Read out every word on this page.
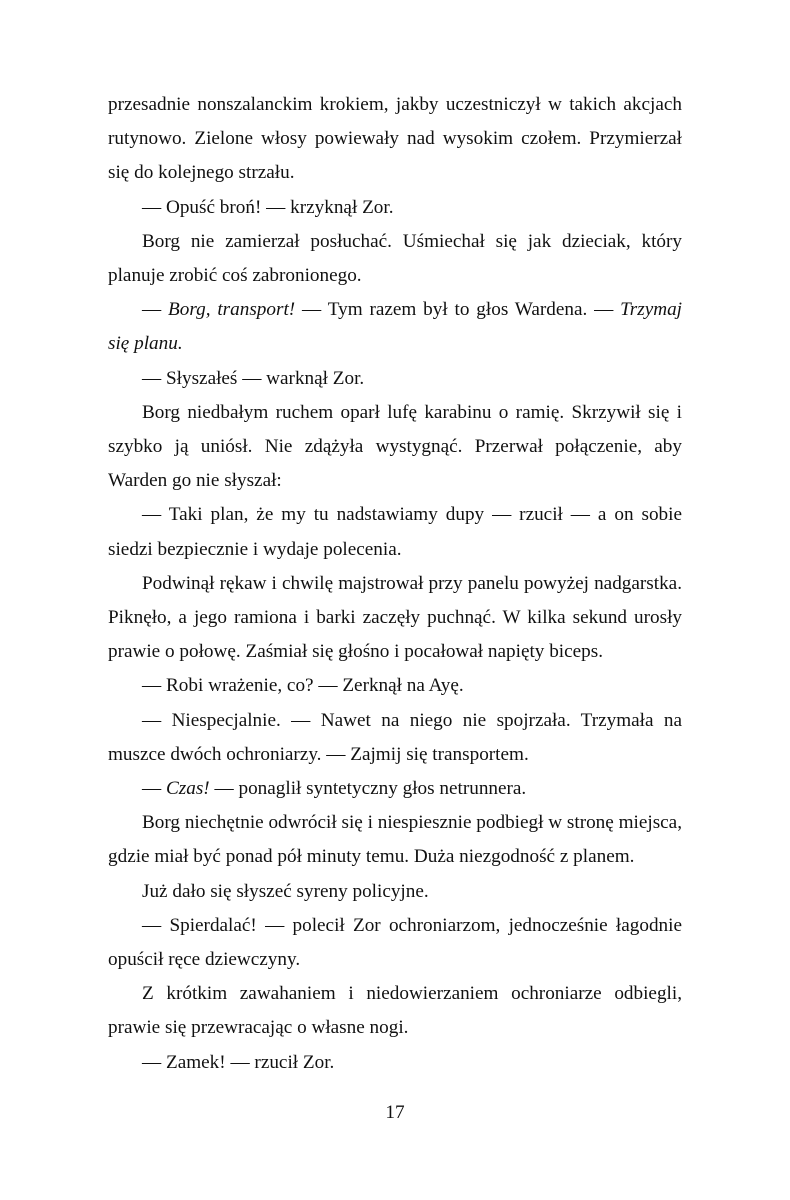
przesadnie nonszalanckim krokiem, jakby uczestniczył w takich akcjach rutynowo. Zielone włosy powiewały nad wysokim czołem. Przymierzał się do kolejnego strzału.

— Opuść broń! — krzyknął Zor.

Borg nie zamierzał posłuchać. Uśmiechał się jak dzieciak, który planuje zrobić coś zabronionego.

— Borg, transport! — Tym razem był to głos Wardena. — Trzymaj się planu.

— Słyszałeś — warknął Zor.

Borg niedbałym ruchem oparł lufę karabinu o ramię. Skrzywił się i szybko ją uniósł. Nie zdążyła wystygnąć. Przerwał połączenie, aby Warden go nie słyszał:

— Taki plan, że my tu nadstawiamy dupy — rzucił — a on sobie siedzi bezpiecznie i wydaje polecenia.

Podwinął rękaw i chwilę majstrował przy panelu powyżej nadgarstka. Piknęło, a jego ramiona i barki zaczęły puchnąć. W kilka sekund urosły prawie o połowę. Zaśmiał się głośno i pocałował napięty biceps.

— Robi wrażenie, co? — Zerknął na Ayę.

— Niespecjalnie. — Nawet na niego nie spojrzała. Trzymała na muszce dwóch ochroniarzy. — Zajmij się transportem.

— Czas! — ponaglił syntetyczny głos netrunnera.

Borg niechętnie odwrócił się i niespiesznie podbiegł w stronę miejsca, gdzie miał być ponad pół minuty temu. Duża niezgodność z planem.

Już dało się słyszeć syreny policyjne.

— Spierdalać! — polecił Zor ochroniarzom, jednocześnie łagodnie opuścił ręce dziewczyny.

Z krótkim zawahaniem i niedowierzaniem ochroniarze odbiegli, prawie się przewracając o własne nogi.

— Zamek! — rzucił Zor.

17
